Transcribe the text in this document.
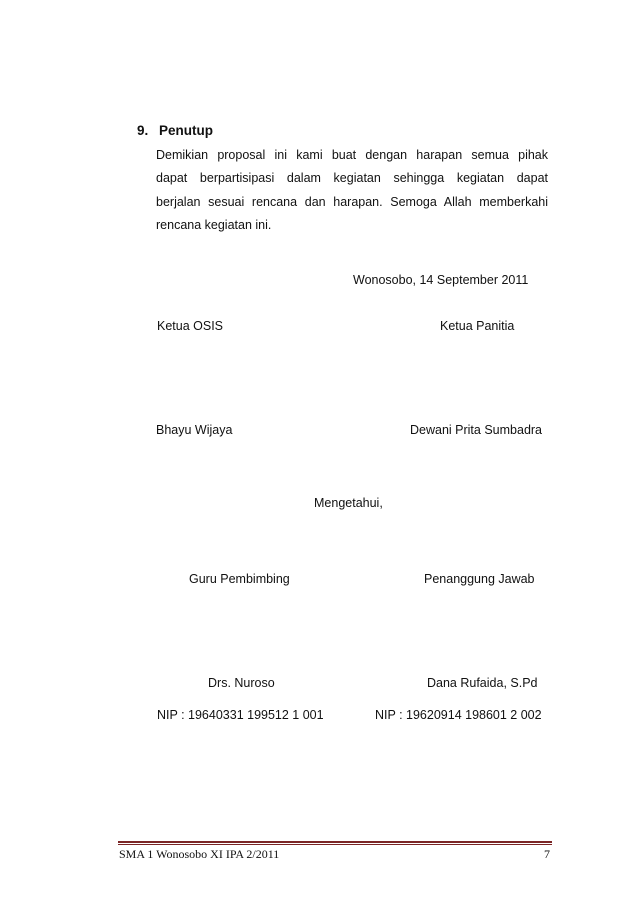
9. Penutup
Demikian proposal ini kami buat dengan harapan semua pihak
dapat berpartisipasi dalam kegiatan sehingga kegiatan dapat
berjalan sesuai rencana dan harapan. Semoga Allah memberkahi
rencana kegiatan ini.
Wonosobo, 14 September 2011
Ketua OSIS	Ketua Panitia
Bhayu Wijaya	Dewani Prita Sumbadra
Mengetahui,
Guru Pembimbing	Penanggung Jawab
Drs. Nuroso	Dana Rufaida, S.Pd
NIP : 19640331 199512 1 001	NIP : 19620914 198601 2 002
SMA 1 Wonosobo XI IPA 2/2011	7
